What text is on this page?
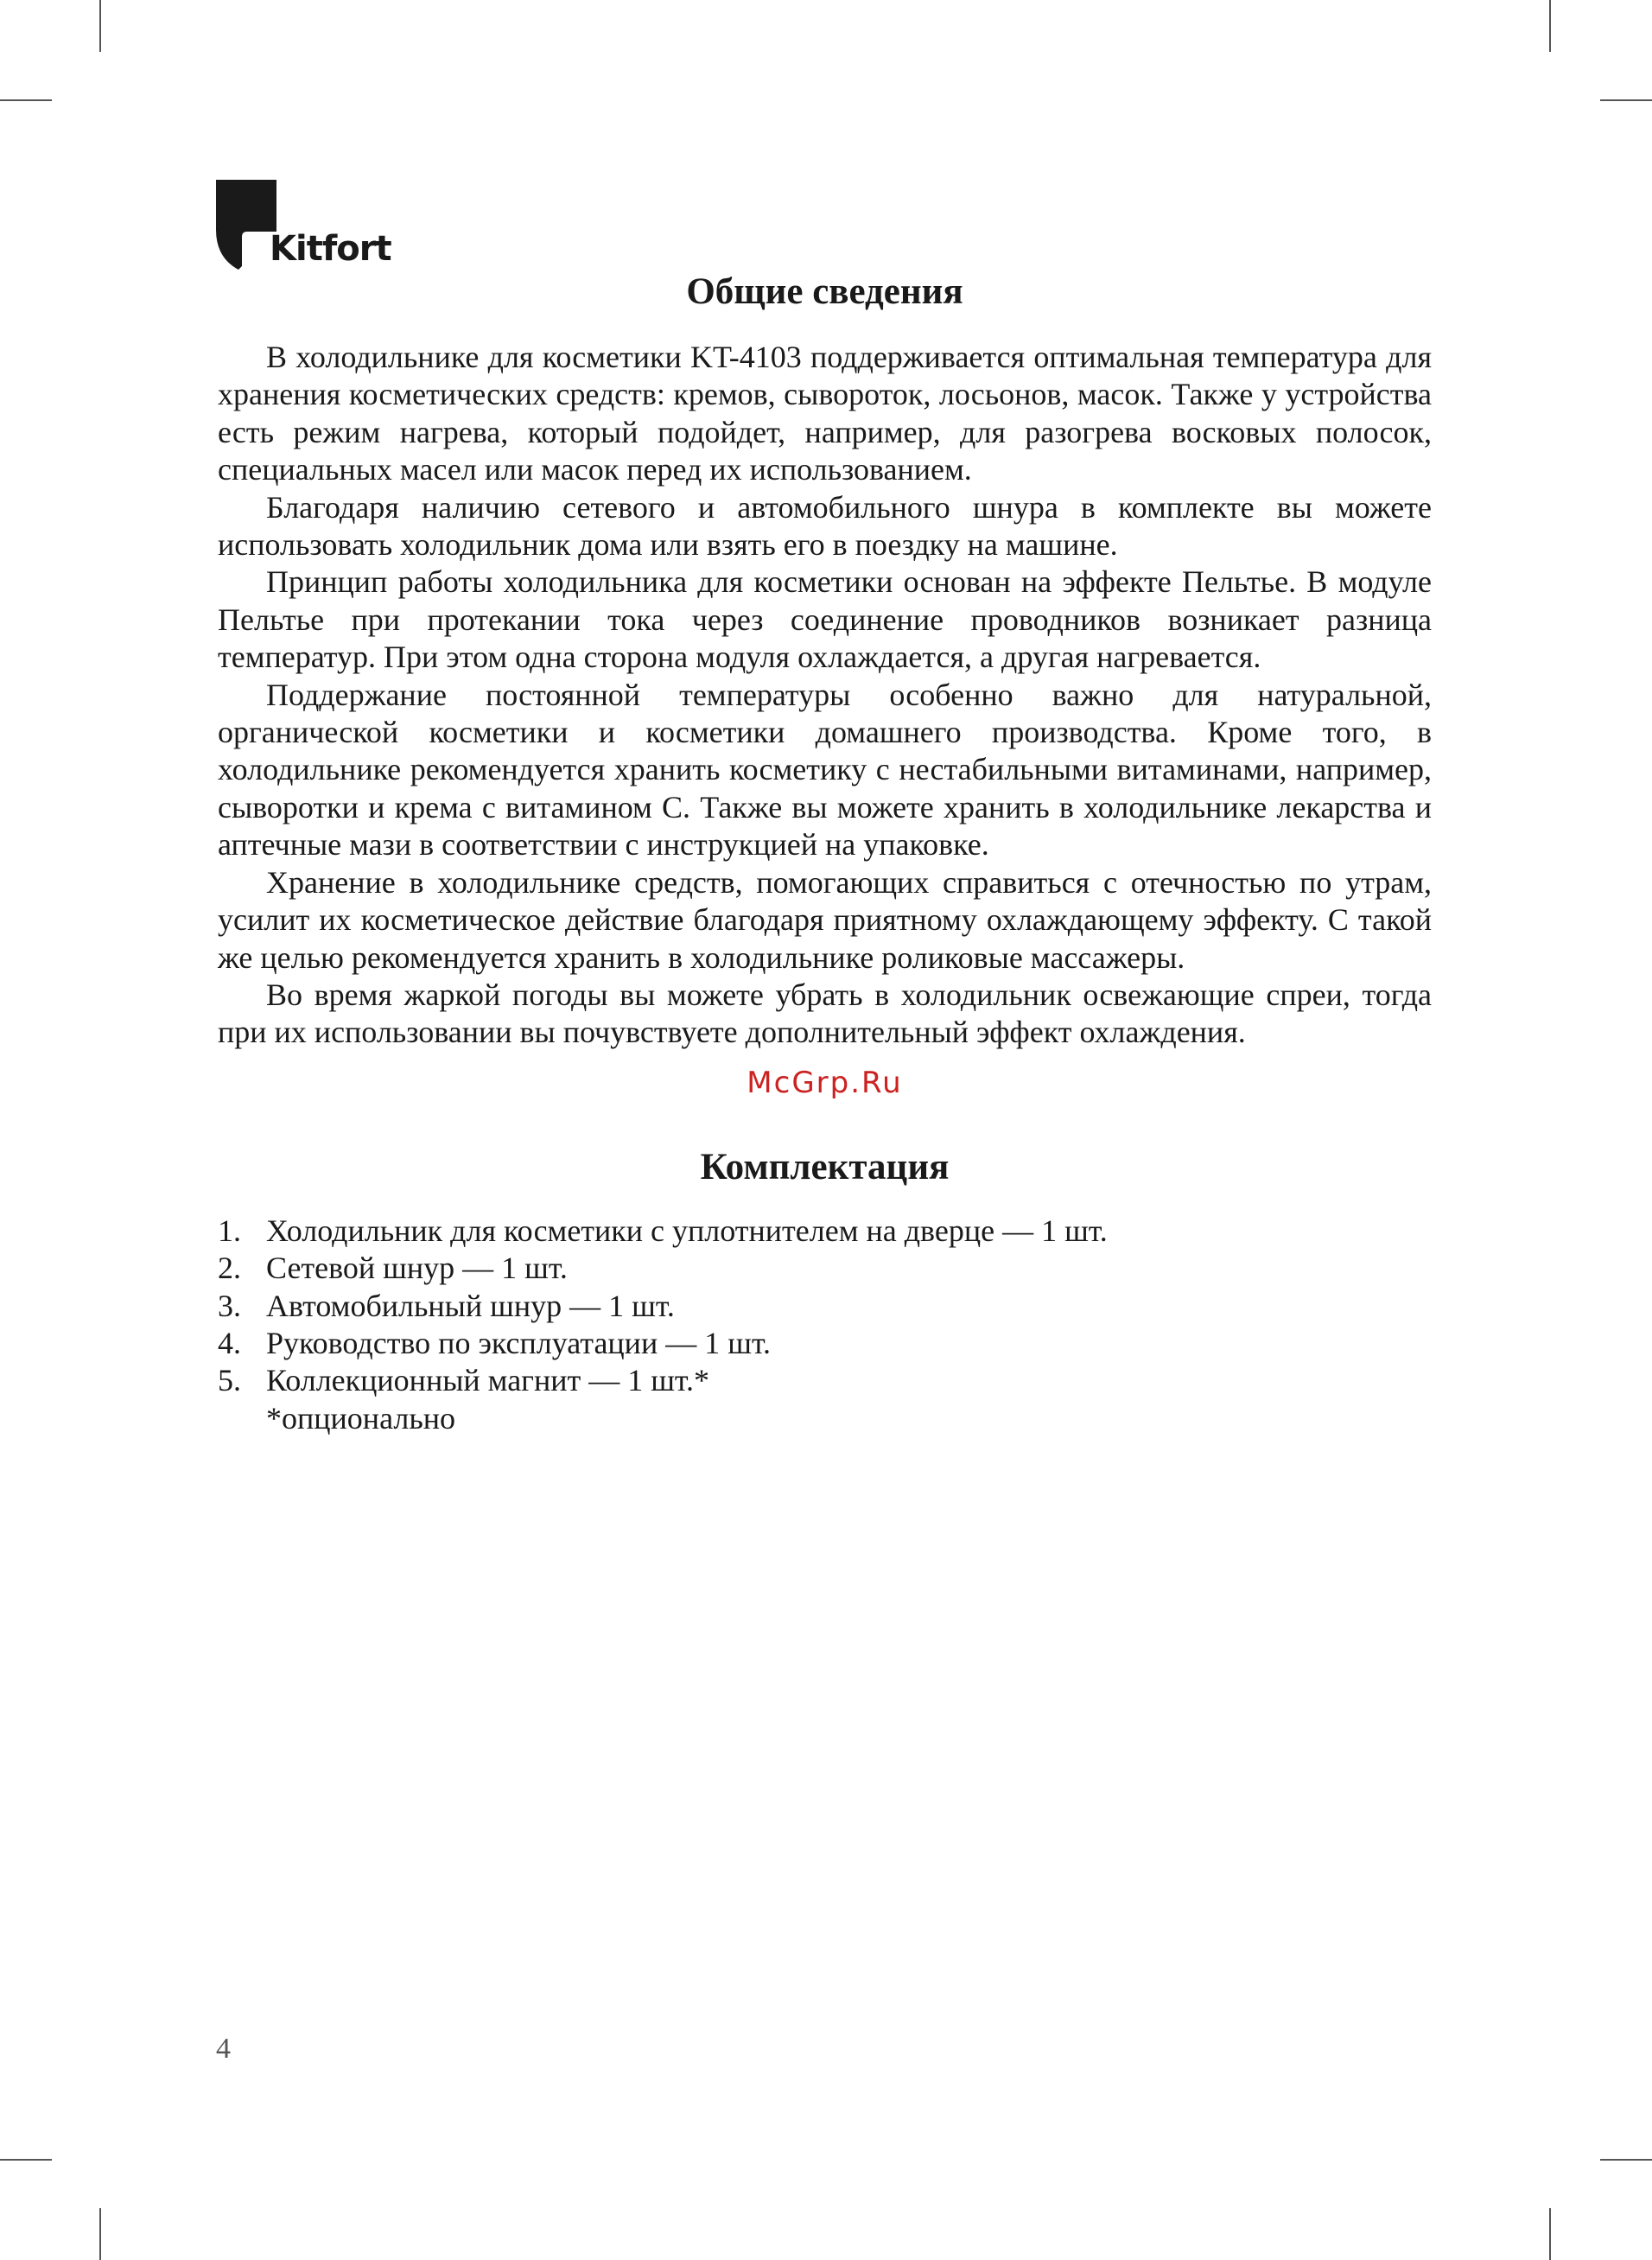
Kitfort
Общие сведения

В холодильнике для косметики KT-4103 поддерживается оптимальная температура для хранения косметических средств: кремов, сывороток, лосьонов, масок. Также у устройства есть режим нагрева, который подойдет, например, для разогрева восковых полосок, специальных масел или масок перед их использованием.

Благодаря наличию сетевого и автомобильного шнура в комплекте вы можете использовать холодильник дома или взять его в поездку на машине.

Принцип работы холодильника для косметики основан на эффекте Пельтье. В модуле Пельтье при протекании тока через соединение проводников возникает разница температур. При этом одна сторона модуля охлаждается, а другая нагревается.

Поддержание постоянной температуры особенно важно для натуральной, органической косметики и косметики домашнего производства. Кроме того, в холодильнике рекомендуется хранить косметику с нестабильными витаминами, например, сыворотки и крема с витамином С. Также вы можете хранить в холодильнике лекарства и аптечные мази в соответствии с инструкцией на упаковке.

Хранение в холодильнике средств, помогающих справиться с отечностью по утрам, усилит их косметическое действие благодаря приятному охлаждающему эффекту. С такой же целью рекомендуется хранить в холодильнике роликовые массажеры.

Во время жаркой погоды вы можете убрать в холодильник освежающие спреи, тогда при их использовании вы почувствуете дополнительный эффект охлаждения.

McGrp.Ru
Комплектация
1. Холодильник для косметики с уплотнителем на дверце — 1 шт.
2. Сетевой шнур — 1 шт.
3. Автомобильный шнур — 1 шт.
4. Руководство по эксплуатации — 1 шт.
5. Коллекционный магнит — 1 шт.*
*опционально
4
